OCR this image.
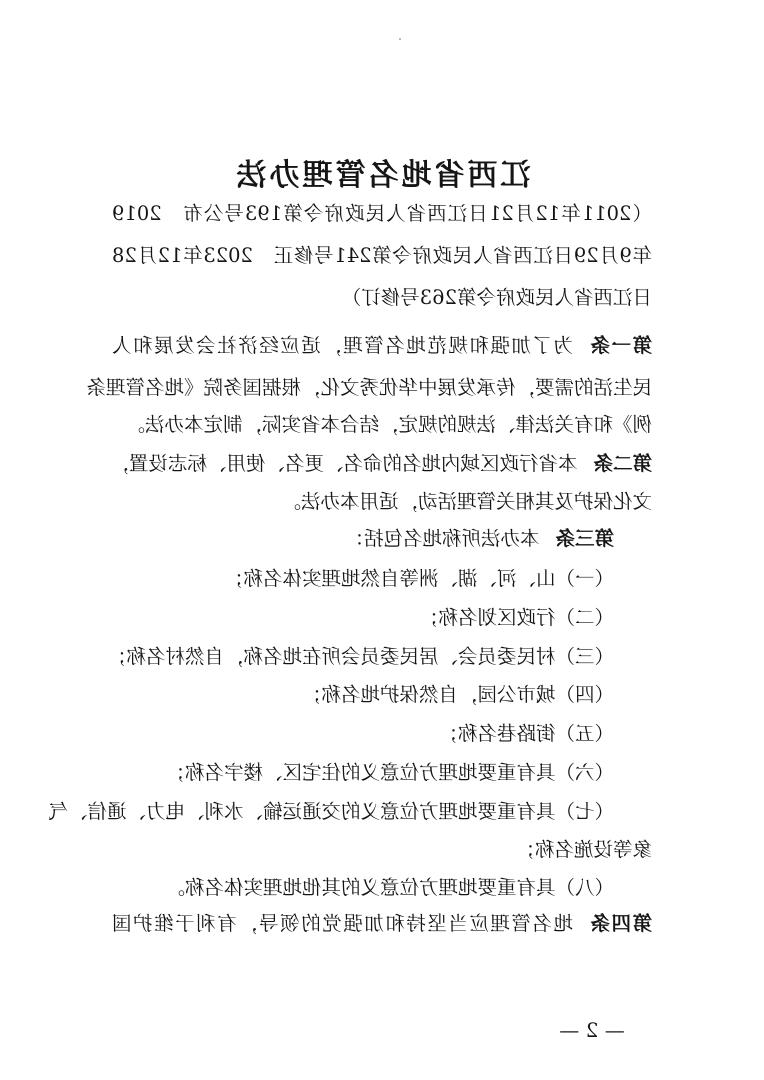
江西省地名管理办法
（2011年12月21日江西省人民政府令第193号公布　2019
年9月29日江西省人民政府令第241号修正　2023年12月28
日江西省人民政府令第263号修订）
第一条为了加强和规范地名管理，适应经济社会发展和人
民生活的需要，传承发展中华优秀文化，根据国务院《地名管理条
例》和有关法律、法规的规定，结合本省实际，制定本办法。
第二条本省行政区域内地名的命名、更名、使用、标志设置，
文化保护及其相关管理活动，适用本办法。
第三条本办法所称地名包括：
（一）山、河、湖、洲等自然地理实体名称；
（二）行政区划名称；
（三）村民委员会、居民委员会所在地名称，自然村名称；
（四）城市公园，自然保护地名称；
（五）街路巷名称；
（六）具有重要地理方位意义的住宅区、楼宇名称；
（七）具有重要地理方位意义的交通运输、水利、电力、通信、气
象等设施名称；
（八）具有重要地理方位意义的其他地理实体名称。
第四条地名管理应当坚持和加强党的领导，有利于维护国
— 2 —
